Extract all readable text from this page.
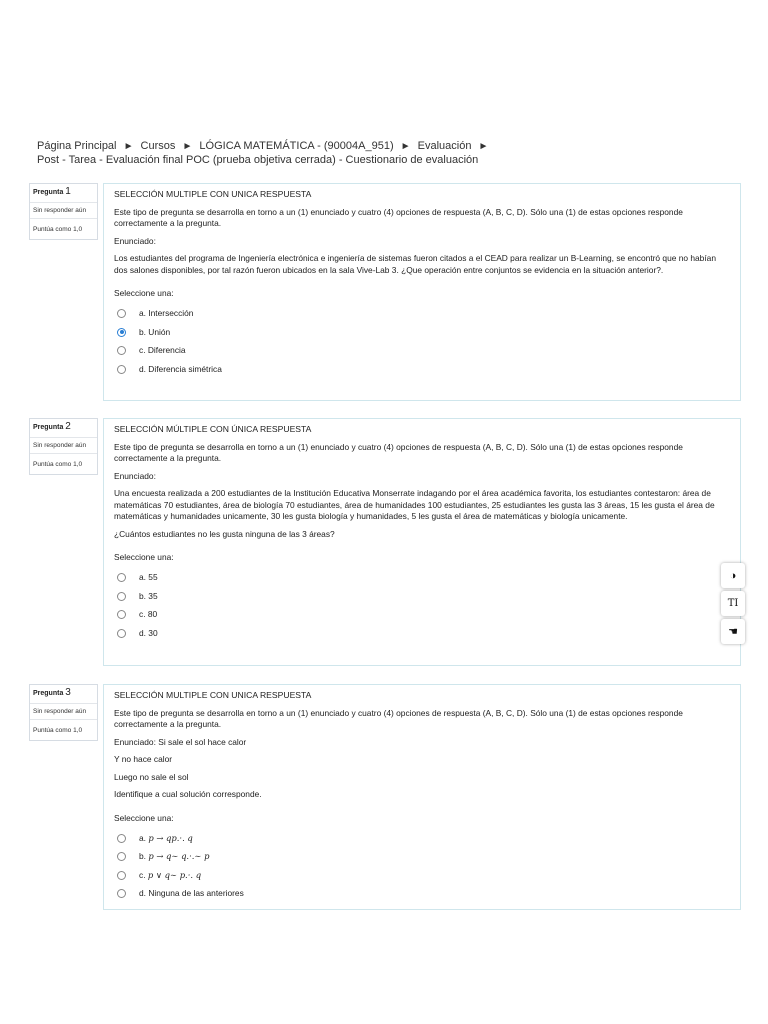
Página Principal ► Cursos ► LÓGICA MATEMÁTICA - (90004A_951) ► Evaluación ►
Post - Tarea - Evaluación final POC (prueba objetiva cerrada) - Cuestionario de evaluación
Pregunta 1
Sin responder aún
Puntúa como 1,0
SELECCIÓN MULTIPLE CON UNICA RESPUESTA

Este tipo de pregunta se desarrolla en torno a un (1) enunciado y cuatro (4) opciones de respuesta (A, B, C, D). Sólo una (1) de estas opciones responde correctamente a la pregunta.

Enunciado:

Los estudiantes del programa de Ingeniería electrónica e ingeniería de sistemas fueron citados a el CEAD para realizar un B-Learning, se encontró que no habían dos salones disponibles, por tal razón fueron ubicados en la sala Vive-Lab 3. ¿Que operación entre conjuntos se evidencia en la situación anterior?.

Seleccione una:
a. Intersección
b. Unión
c. Diferencia
d. Diferencia simétrica
Pregunta 2
Sin responder aún
Puntúa como 1,0
SELECCIÓN MÚLTIPLE CON ÚNICA RESPUESTA

Este tipo de pregunta se desarrolla en torno a un (1) enunciado y cuatro (4) opciones de respuesta (A, B, C, D). Sólo una (1) de estas opciones responde correctamente a la pregunta.

Enunciado:

Una encuesta realizada a 200 estudiantes de la Institución Educativa Monserrate indagando por el área académica favorita, los estudiantes contestaron: área de matemáticas 70 estudiantes, área de biología 70 estudiantes, área de humanidades 100 estudiantes, 25 estudiantes les gusta las 3 áreas, 15 les gusta el área de matemáticas y humanidades unicamente, 30 les gusta biología y humanidades, 5 les gusta el área de matemáticas y biología unicamente.

¿Cuántos estudiantes no les gusta ninguna de las 3 áreas?

Seleccione una:
a. 55
b. 35
c. 80
d. 30
Pregunta 3
Sin responder aún
Puntúa como 1,0
SELECCIÓN MULTIPLE CON UNICA RESPUESTA

Este tipo de pregunta se desarrolla en torno a un (1) enunciado y cuatro (4) opciones de respuesta (A, B, C, D). Sólo una (1) de estas opciones responde correctamente a la pregunta.

Enunciado: Si sale el sol hace calor

Y no hace calor

Luego no sale el sol

Identifique a cual solución corresponde.

Seleccione una:
a.
p → qp.·. q
b.
p → q∼ q.·.∼ p
c.
p ∨ q∼ p.·. q
d.
Ninguna de las anteriores
◑
TI
☚
